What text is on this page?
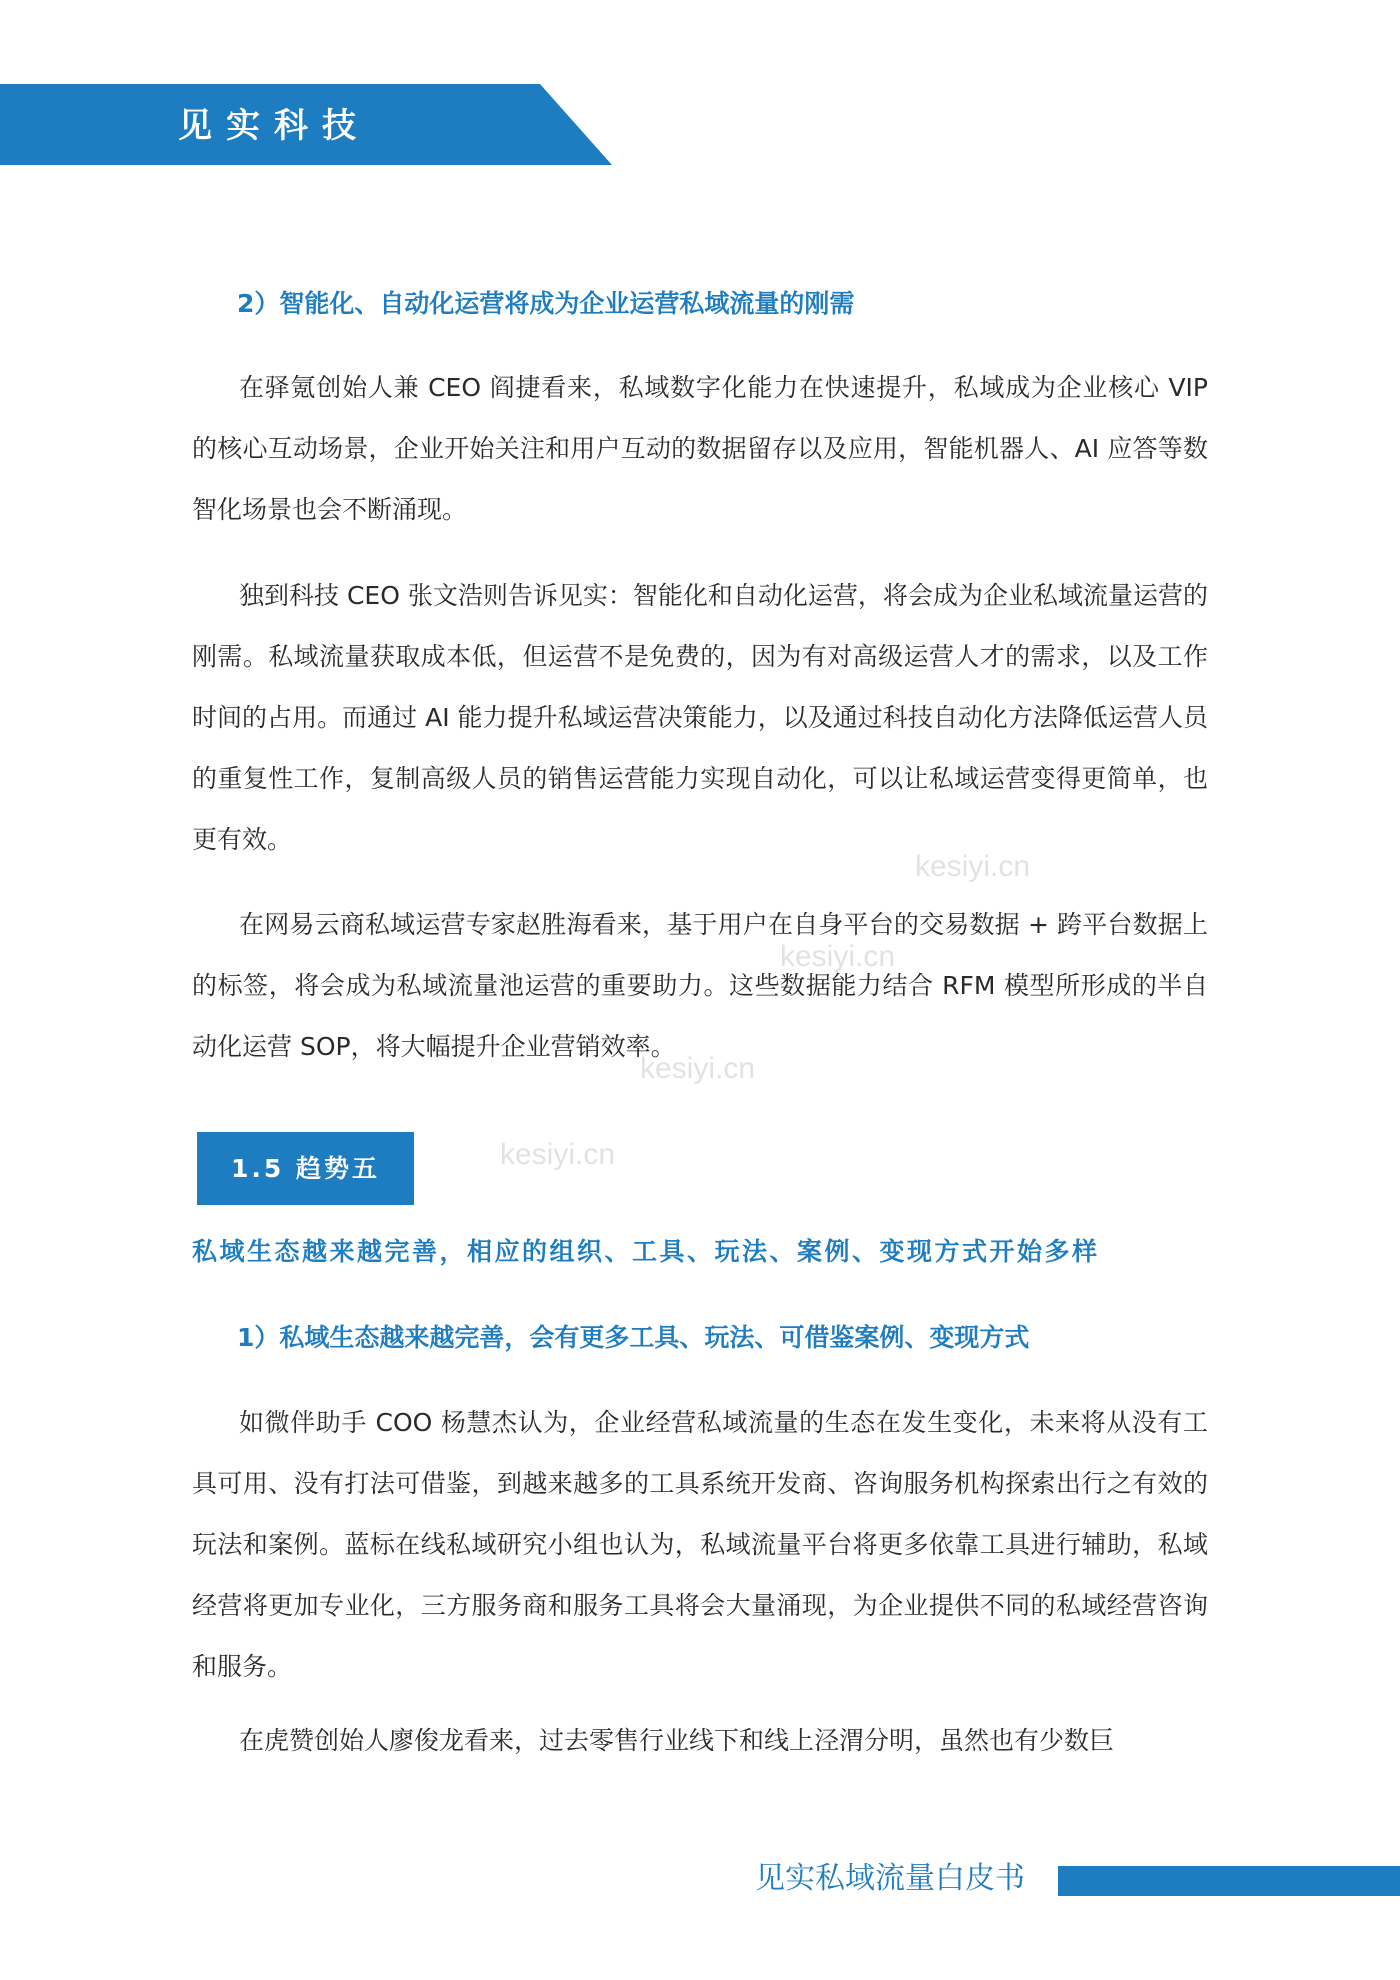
见实科技
2）智能化、自动化运营将成为企业运营私域流量的刚需

在驿氪创始人兼 CEO 阎捷看来，私域数字化能力在快速提升，私域成为企业核心 VIP 的核心互动场景，企业开始关注和用户互动的数据留存以及应用，智能机器人、AI 应答等数智化场景也会不断涌现。

独到科技 CEO 张文浩则告诉见实：智能化和自动化运营，将会成为企业私域流量运营的刚需。私域流量获取成本低，但运营不是免费的，因为有对高级运营人才的需求，以及工作时间的占用。而通过 AI 能力提升私域运营决策能力，以及通过科技自动化方法降低运营人员的重复性工作，复制高级人员的销售运营能力实现自动化，可以让私域运营变得更简单，也更有效。

在网易云商私域运营专家赵胜海看来，基于用户在自身平台的交易数据 + 跨平台数据上的标签，将会成为私域流量池运营的重要助力。这些数据能力结合 RFM 模型所形成的半自动化运营 SOP，将大幅提升企业营销效率。

1.5 趋势五
私域生态越来越完善，相应的组织、工具、玩法、案例、变现方式开始多样
1）私域生态越来越完善，会有更多工具、玩法、可借鉴案例、变现方式

如微伴助手 COO 杨慧杰认为，企业经营私域流量的生态在发生变化，未来将从没有工具可用、没有打法可借鉴，到越来越多的工具系统开发商、咨询服务机构探索出行之有效的玩法和案例。蓝标在线私域研究小组也认为，私域流量平台将更多依靠工具进行辅助，私域经营将更加专业化，三方服务商和服务工具将会大量涌现，为企业提供不同的私域经营咨询和服务。

在虎赞创始人廖俊龙看来，过去零售行业线下和线上泾渭分明，虽然也有少数巨

kesiyi.cn
kesiyi.cn
kesiyi.cn
kesiyi.cn
见实私域流量白皮书
